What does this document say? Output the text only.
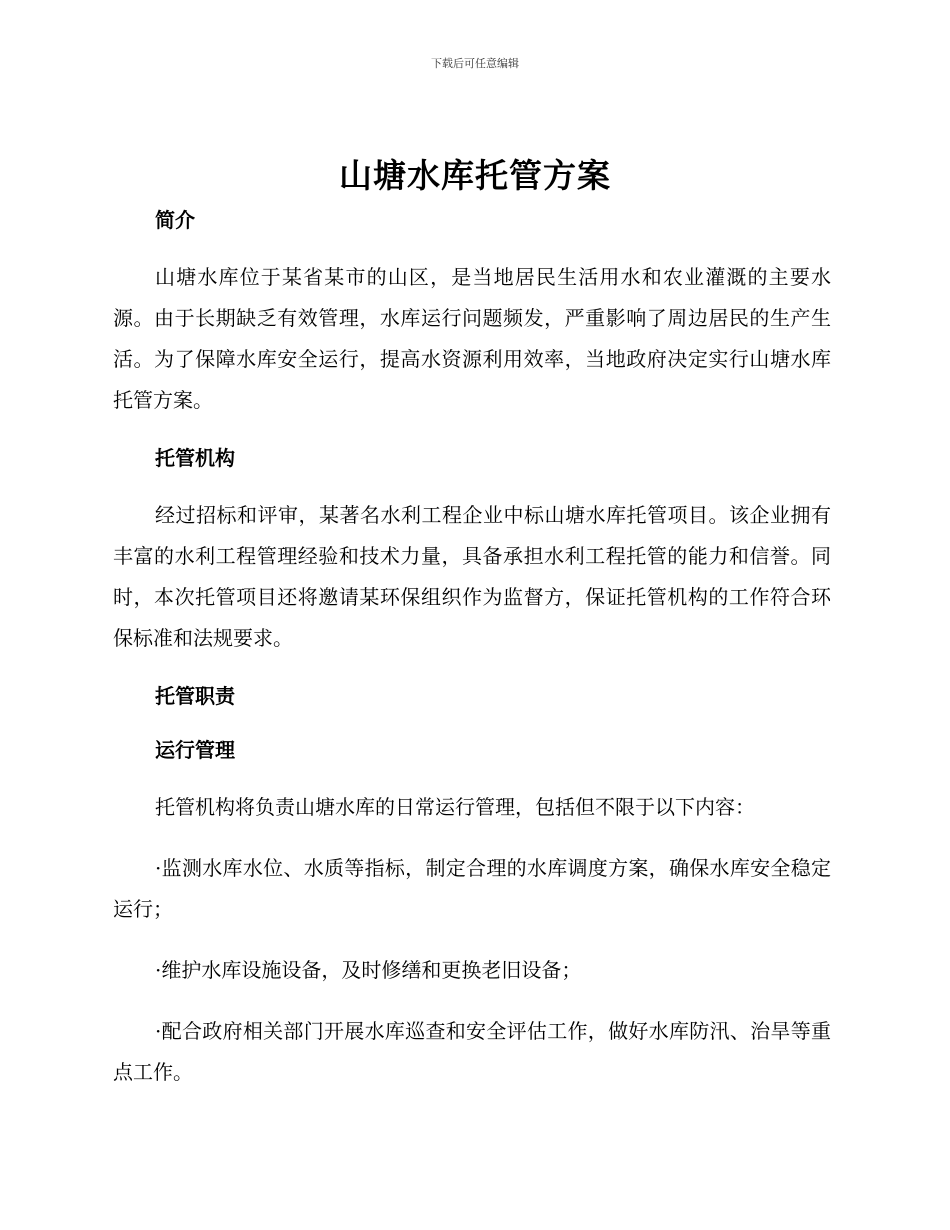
下载后可任意编辑
山塘水库托管方案

简介

山塘水库位于某省某市的山区，是当地居民生活用水和农业灌溉的主要水源。由于长期缺乏有效管理，水库运行问题频发，严重影响了周边居民的生产生活。为了保障水库安全运行，提高水资源利用效率，当地政府决定实行山塘水库托管方案。

托管机构

经过招标和评审，某著名水利工程企业中标山塘水库托管项目。该企业拥有丰富的水利工程管理经验和技术力量，具备承担水利工程托管的能力和信誉。同时，本次托管项目还将邀请某环保组织作为监督方，保证托管机构的工作符合环保标准和法规要求。

托管职责

运行管理

托管机构将负责山塘水库的日常运行管理，包括但不限于以下内容：

·监测水库水位、水质等指标，制定合理的水库调度方案，确保水库安全稳定运行；

·维护水库设施设备，及时修缮和更换老旧设备；

·配合政府相关部门开展水库巡查和安全评估工作，做好水库防汛、治旱等重点工作。
